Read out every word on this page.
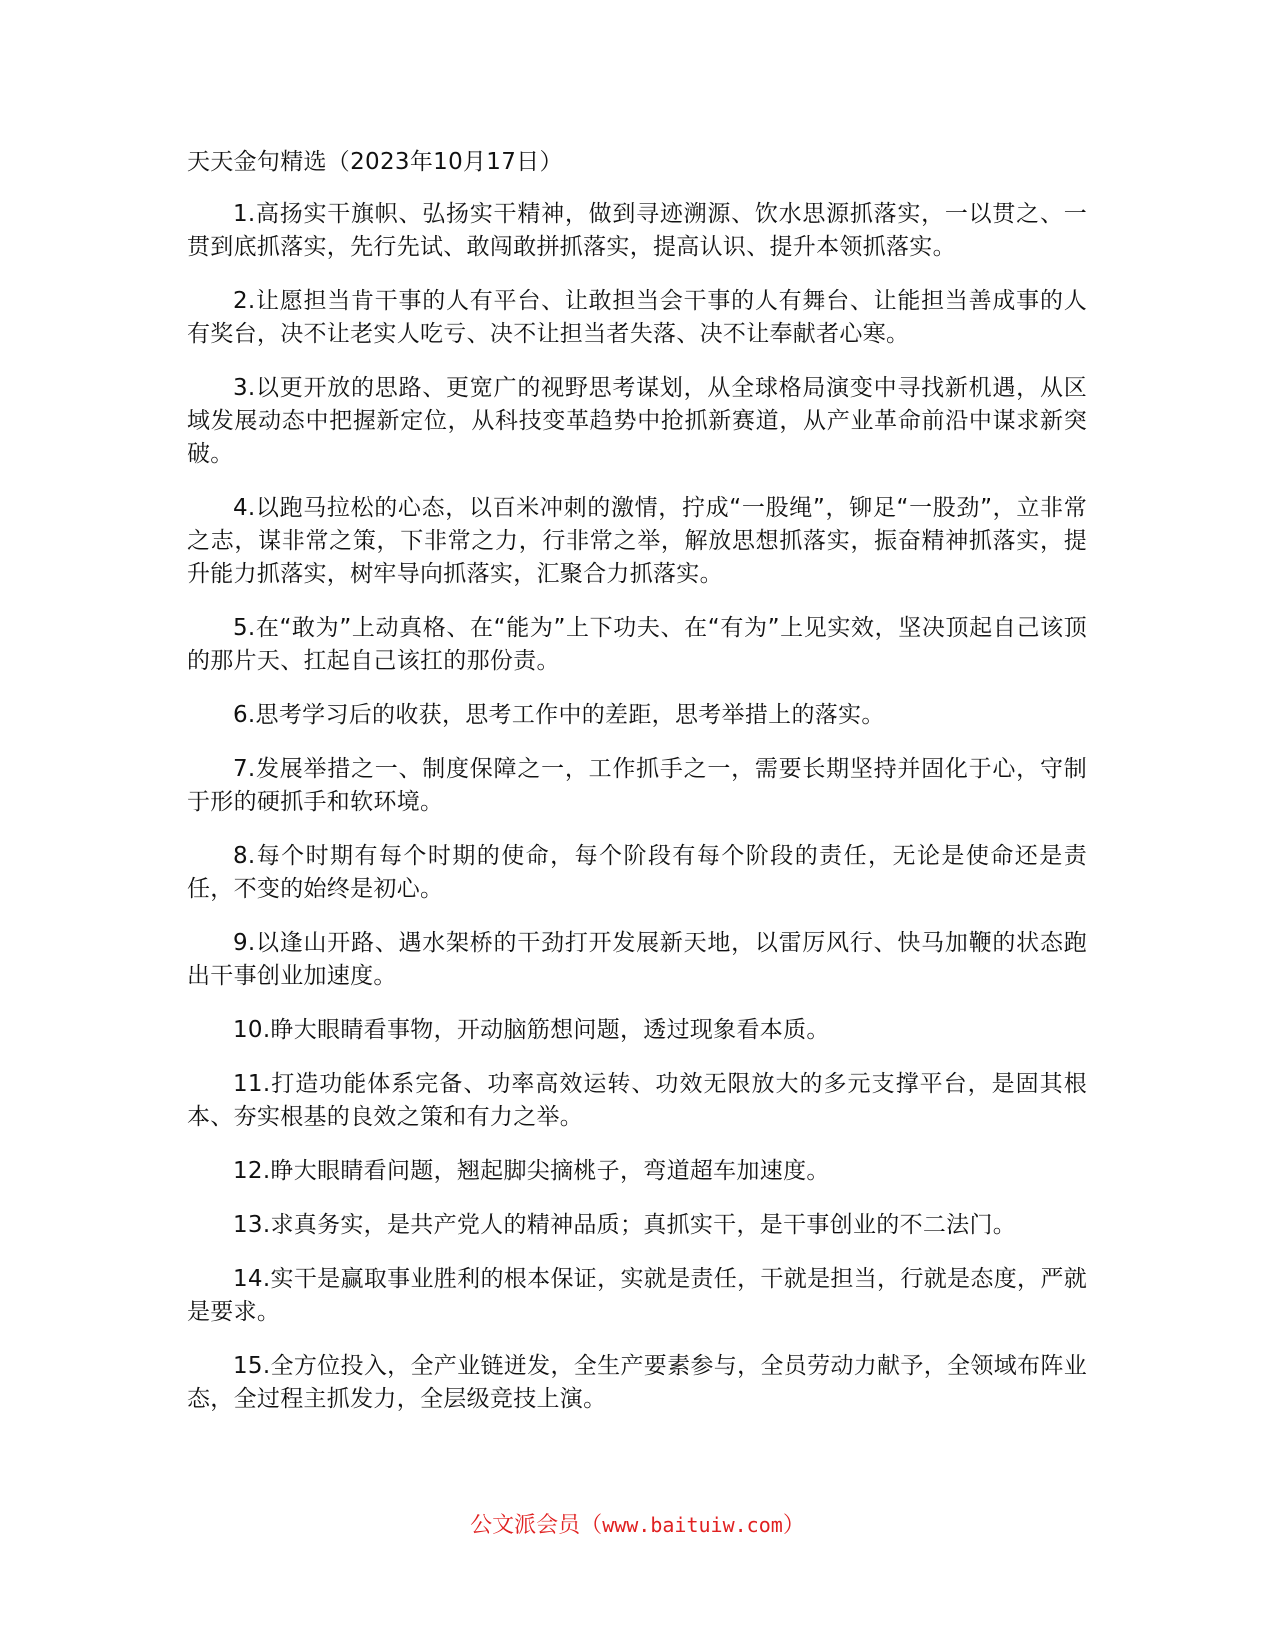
天天金句精选（2023年10月17日）

1.高扬实干旗帜、弘扬实干精神，做到寻迹溯源、饮水思源抓落实，一以贯之、一贯到底抓落实，先行先试、敢闯敢拼抓落实，提高认识、提升本领抓落实。

2.让愿担当肯干事的人有平台、让敢担当会干事的人有舞台、让能担当善成事的人有奖台，决不让老实人吃亏、决不让担当者失落、决不让奉献者心寒。

3.以更开放的思路、更宽广的视野思考谋划，从全球格局演变中寻找新机遇，从区域发展动态中把握新定位，从科技变革趋势中抢抓新赛道，从产业革命前沿中谋求新突破。

4.以跑马拉松的心态，以百米冲刺的激情，拧成“一股绳”，铆足“一股劲”，立非常之志，谋非常之策，下非常之力，行非常之举，解放思想抓落实，振奋精神抓落实，提升能力抓落实，树牢导向抓落实，汇聚合力抓落实。

5.在“敢为”上动真格、在“能为”上下功夫、在“有为”上见实效，坚决顶起自己该顶的那片天、扛起自己该扛的那份责。

6.思考学习后的收获，思考工作中的差距，思考举措上的落实。

7.发展举措之一、制度保障之一，工作抓手之一，需要长期坚持并固化于心，守制于形的硬抓手和软环境。

8.每个时期有每个时期的使命，每个阶段有每个阶段的责任，无论是使命还是责任，不变的始终是初心。

9.以逢山开路、遇水架桥的干劲打开发展新天地，以雷厉风行、快马加鞭的状态跑出干事创业加速度。

10.睁大眼睛看事物，开动脑筋想问题，透过现象看本质。

11.打造功能体系完备、功率高效运转、功效无限放大的多元支撑平台，是固其根本、夯实根基的良效之策和有力之举。

12.睁大眼睛看问题，翘起脚尖摘桃子，弯道超车加速度。

13.求真务实，是共产党人的精神品质；真抓实干，是干事创业的不二法门。

14.实干是赢取事业胜利的根本保证，实就是责任，干就是担当，行就是态度，严就是要求。

15.全方位投入，全产业链迸发，全生产要素参与，全员劳动力献予，全领域布阵业态，全过程主抓发力，全层级竞技上演。

公文派会员（www.baituiw.com）
